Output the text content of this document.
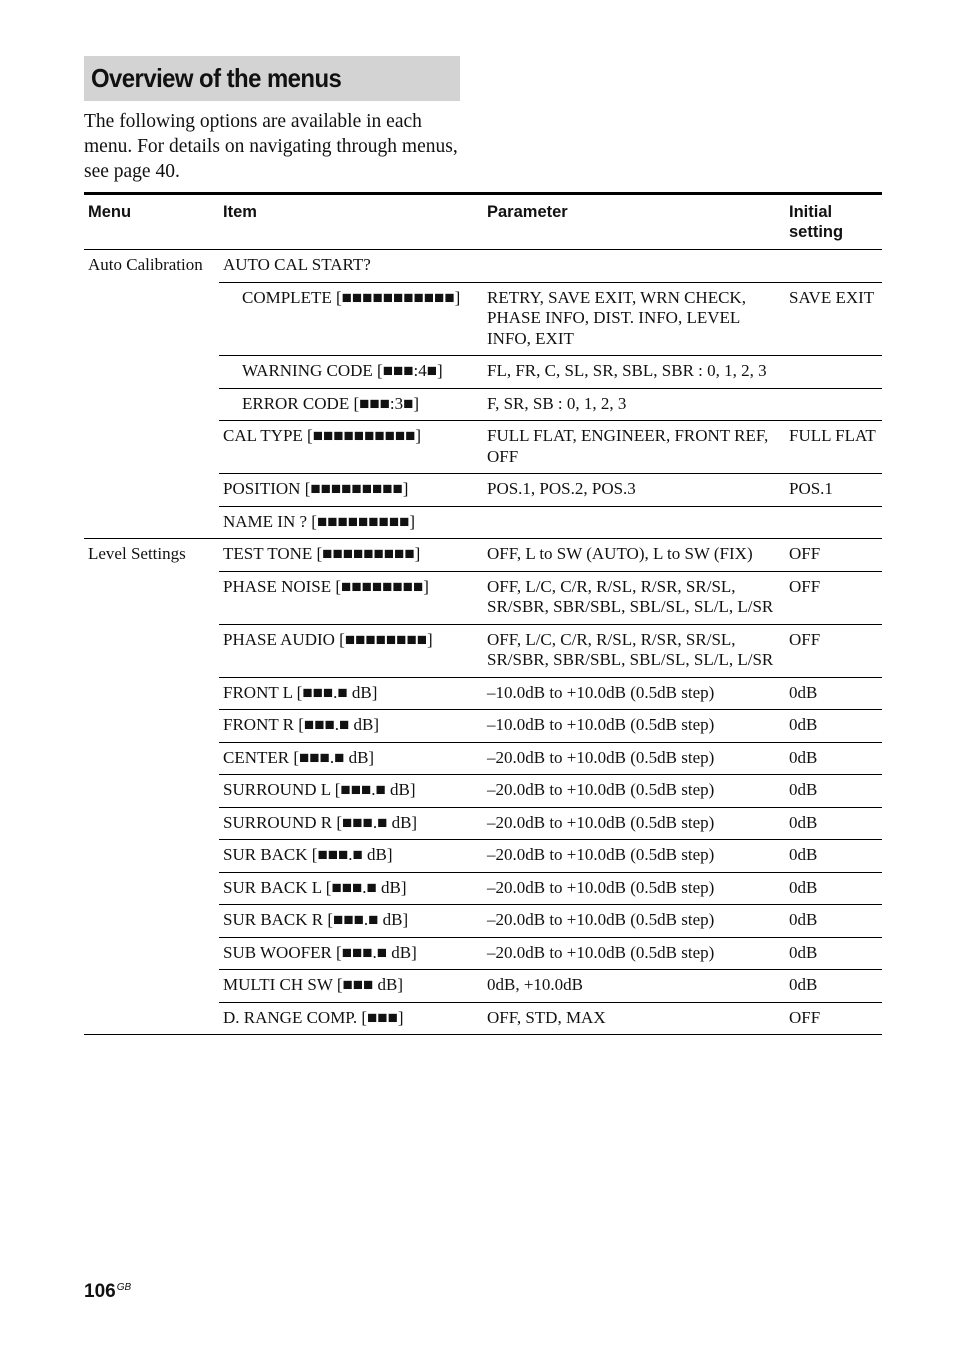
Overview of the menus
The following options are available in each menu. For details on navigating through menus, see page 40.
Menu	Item	Parameter	Initial setting
Auto Calibration	AUTO CAL START?		
	COMPLETE [■■■■■■■■■■■]	RETRY, SAVE EXIT, WRN CHECK, PHASE INFO, DIST. INFO, LEVEL INFO, EXIT	SAVE EXIT
	WARNING CODE [■■■:4■]	FL, FR, C, SL, SR, SBL, SBR : 0, 1, 2, 3	
	ERROR CODE [■■■:3■]	F, SR, SB : 0, 1, 2, 3	
	CAL TYPE [■■■■■■■■■■]	FULL FLAT, ENGINEER, FRONT REF, OFF	FULL FLAT
	POSITION [■■■■■■■■■]	POS.1, POS.2, POS.3	POS.1
	NAME IN ? [■■■■■■■■■]		
Level Settings	TEST TONE [■■■■■■■■■]	OFF, L to SW (AUTO), L to SW (FIX)	OFF
	PHASE NOISE [■■■■■■■■]	OFF, L/C, C/R, R/SL, R/SR, SR/SL, SR/SBR, SBR/SBL, SBL/SL, SL/L, L/SR	OFF
	PHASE AUDIO [■■■■■■■■]	OFF, L/C, C/R, R/SL, R/SR, SR/SL, SR/SBR, SBR/SBL, SBL/SL, SL/L, L/SR	OFF
	FRONT L [■■■.■ dB]	–10.0dB to +10.0dB (0.5dB step)	0dB
	FRONT R [■■■.■ dB]	–10.0dB to +10.0dB (0.5dB step)	0dB
	CENTER [■■■.■ dB]	–20.0dB to +10.0dB (0.5dB step)	0dB
	SURROUND L [■■■.■ dB]	–20.0dB to +10.0dB (0.5dB step)	0dB
	SURROUND R [■■■.■ dB]	–20.0dB to +10.0dB (0.5dB step)	0dB
	SUR BACK [■■■.■ dB]	–20.0dB to +10.0dB (0.5dB step)	0dB
	SUR BACK L [■■■.■ dB]	–20.0dB to +10.0dB (0.5dB step)	0dB
	SUR BACK R [■■■.■ dB]	–20.0dB to +10.0dB (0.5dB step)	0dB
	SUB WOOFER [■■■.■ dB]	–20.0dB to +10.0dB (0.5dB step)	0dB
	MULTI CH SW [■■■ dB]	0dB, +10.0dB	0dB
	D. RANGE COMP. [■■■]	OFF, STD, MAX	OFF
$106^{GB}$
